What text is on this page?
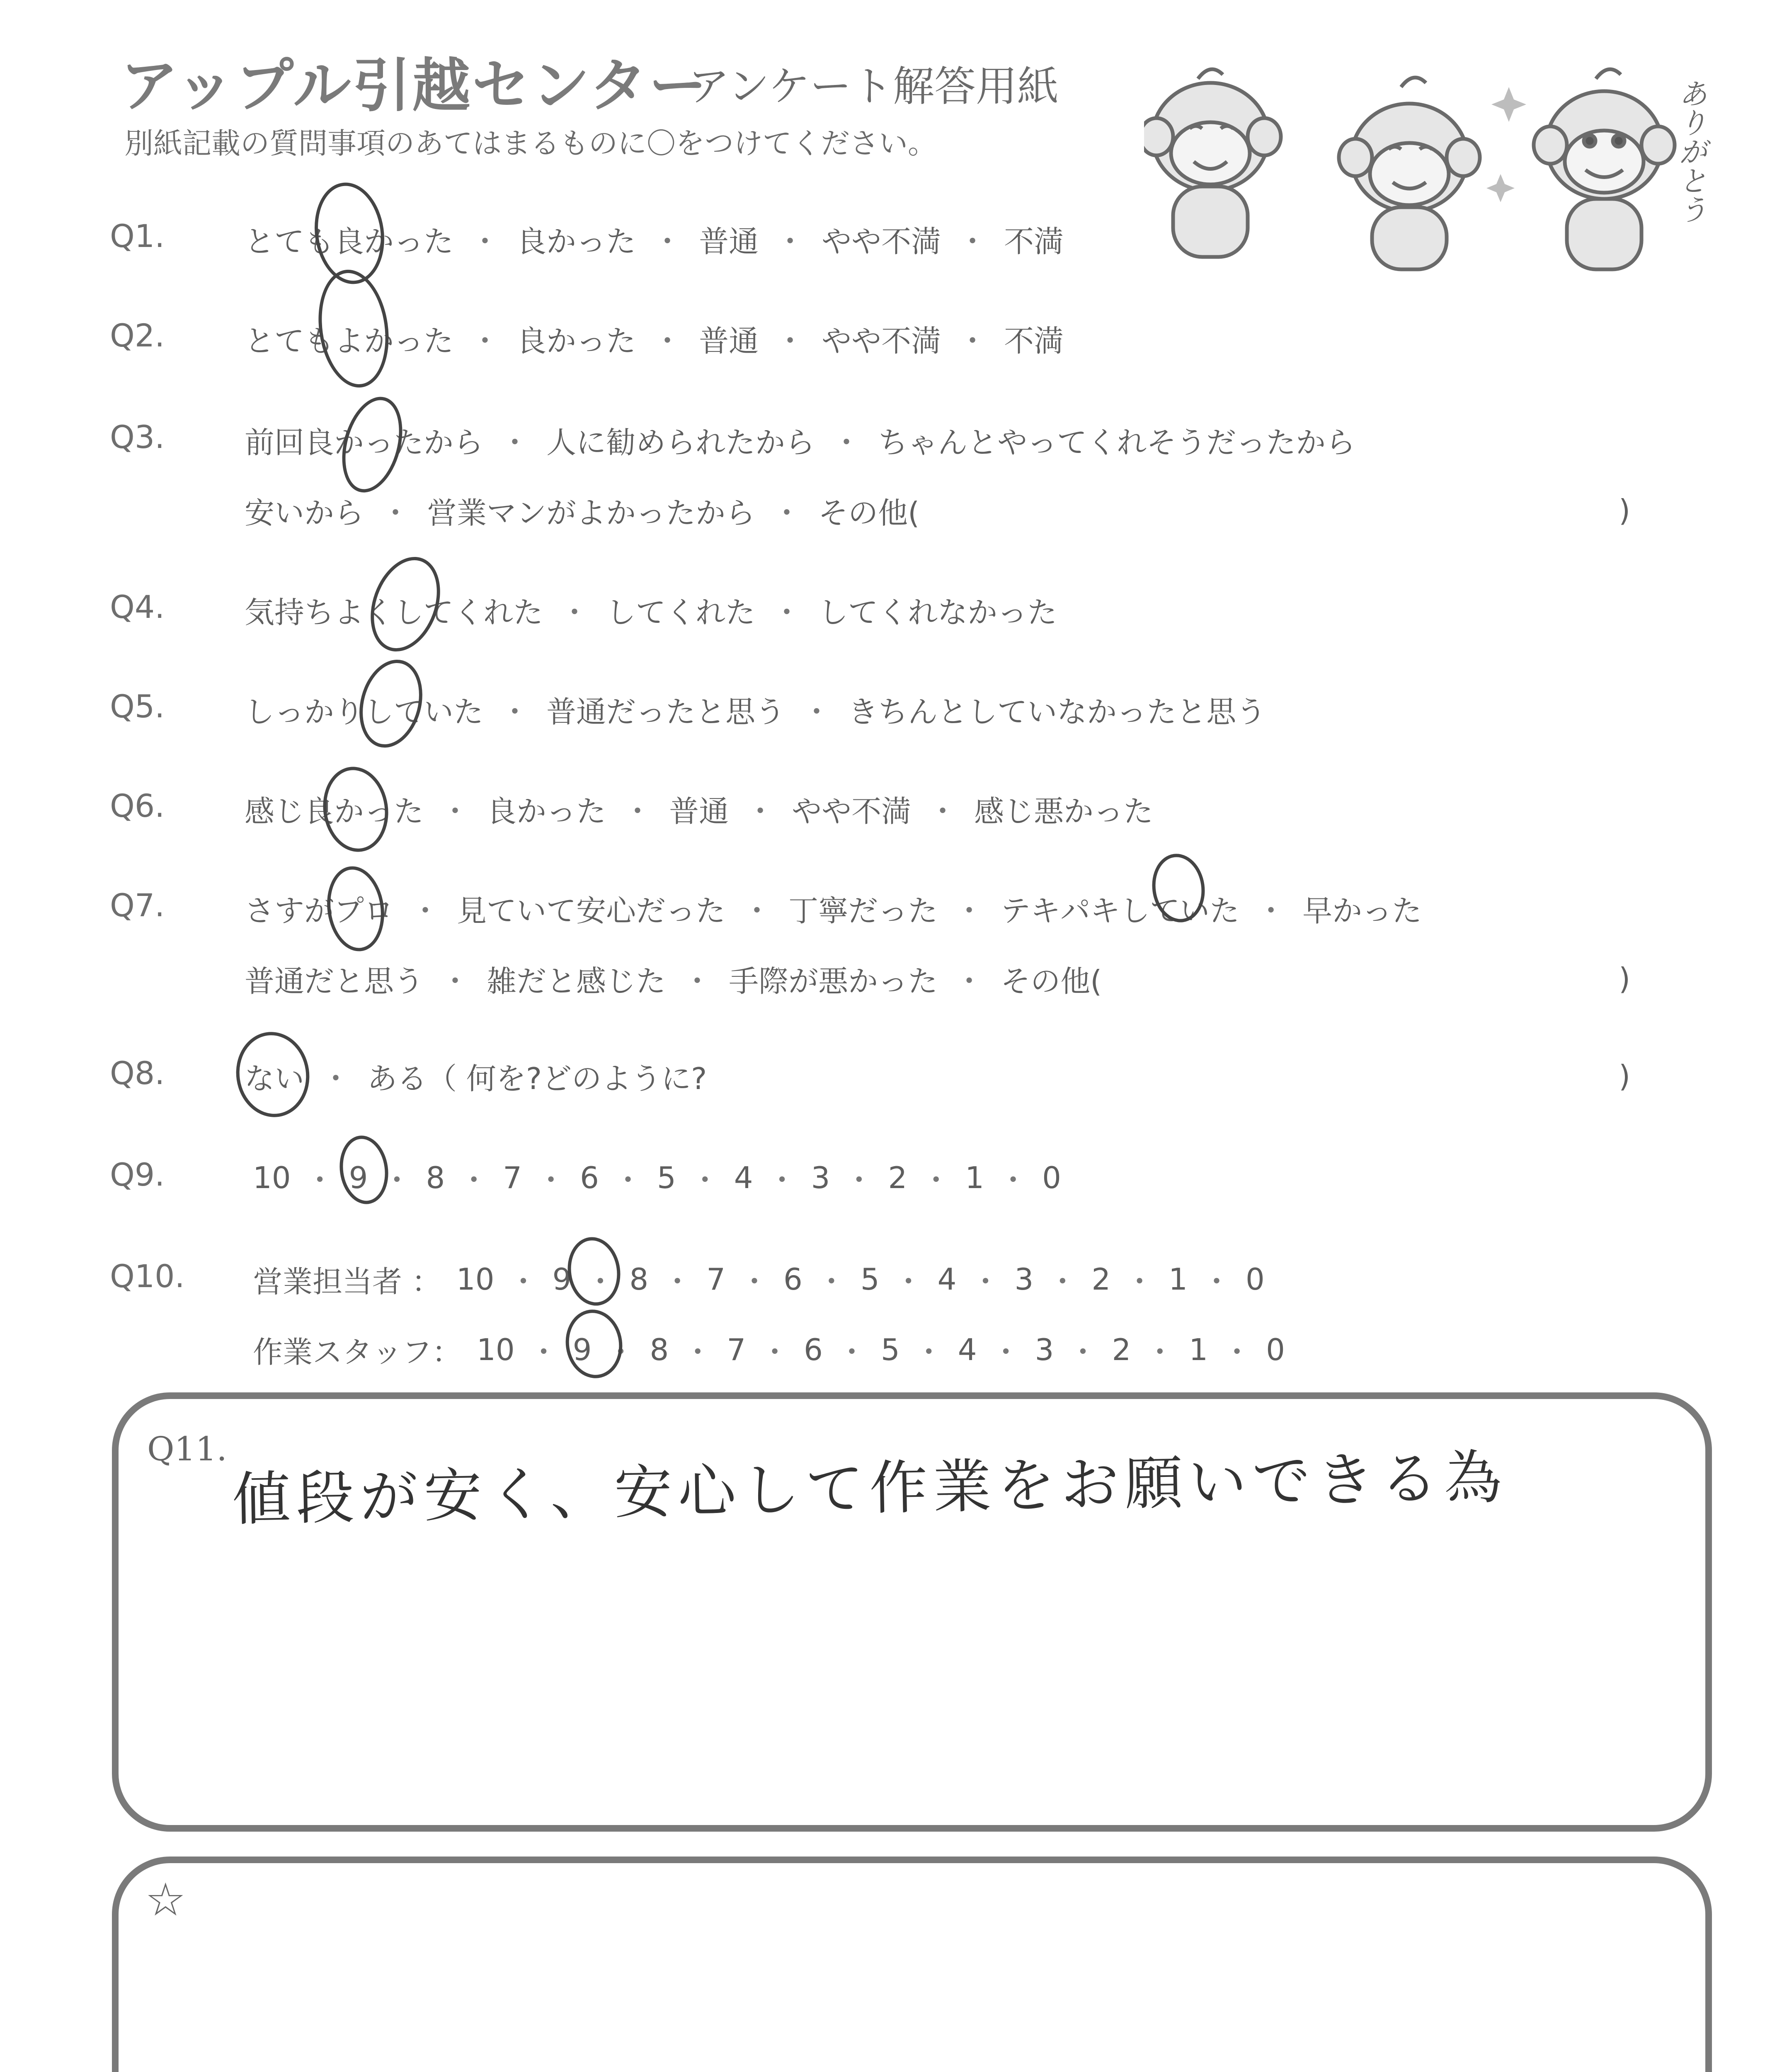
アップル引越センター
アンケート解答用紙
別紙記載の質問事項のあてはまるものに〇をつけてください。	ありがとう
Q1.	とても良かった ・ 良かった ・ 普通 ・ やや不満 ・ 不満
Q2.	とてもよかった ・ 良かった ・ 普通 ・ やや不満 ・ 不満
Q3.	前回良かったから ・ 人に勧められたから ・ ちゃんとやってくれそうだったから
安いから ・ 営業マンがよかったから ・ その他(	)
Q4.	気持ちよくしてくれた ・ してくれた ・ してくれなかった
Q5.	しっかりしていた ・ 普通だったと思う ・ きちんとしていなかったと思う
Q6.	感じ良かった ・ 良かった ・ 普通 ・ やや不満 ・ 感じ悪かった
Q7.	さすがプロ ・ 見ていて安心だった ・ 丁寧だった ・ テキパキしていた ・ 早かった
普通だと思う ・ 雑だと感じた ・ 手際が悪かった ・ その他(	)
Q8.	ない ・ ある（ 何を?どのように?	)
Q9.	10 ・ 9 ・ 8 ・ 7 ・ 6 ・ 5 ・ 4 ・ 3 ・ 2 ・ 1 ・ 0
Q10. 営業担当者 ： 10 ・ 9 ・ 8 ・ 7 ・ 6 ・ 5 ・ 4 ・ 3 ・ 2 ・ 1 ・ 0
作業スタッフ： 10 ・ 9 ・ 8 ・ 7 ・ 6 ・ 5 ・ 4 ・ 3 ・ 2 ・ 1 ・ 0
Q11. 値段が安く、安心して作業をお願いできる為
☆
